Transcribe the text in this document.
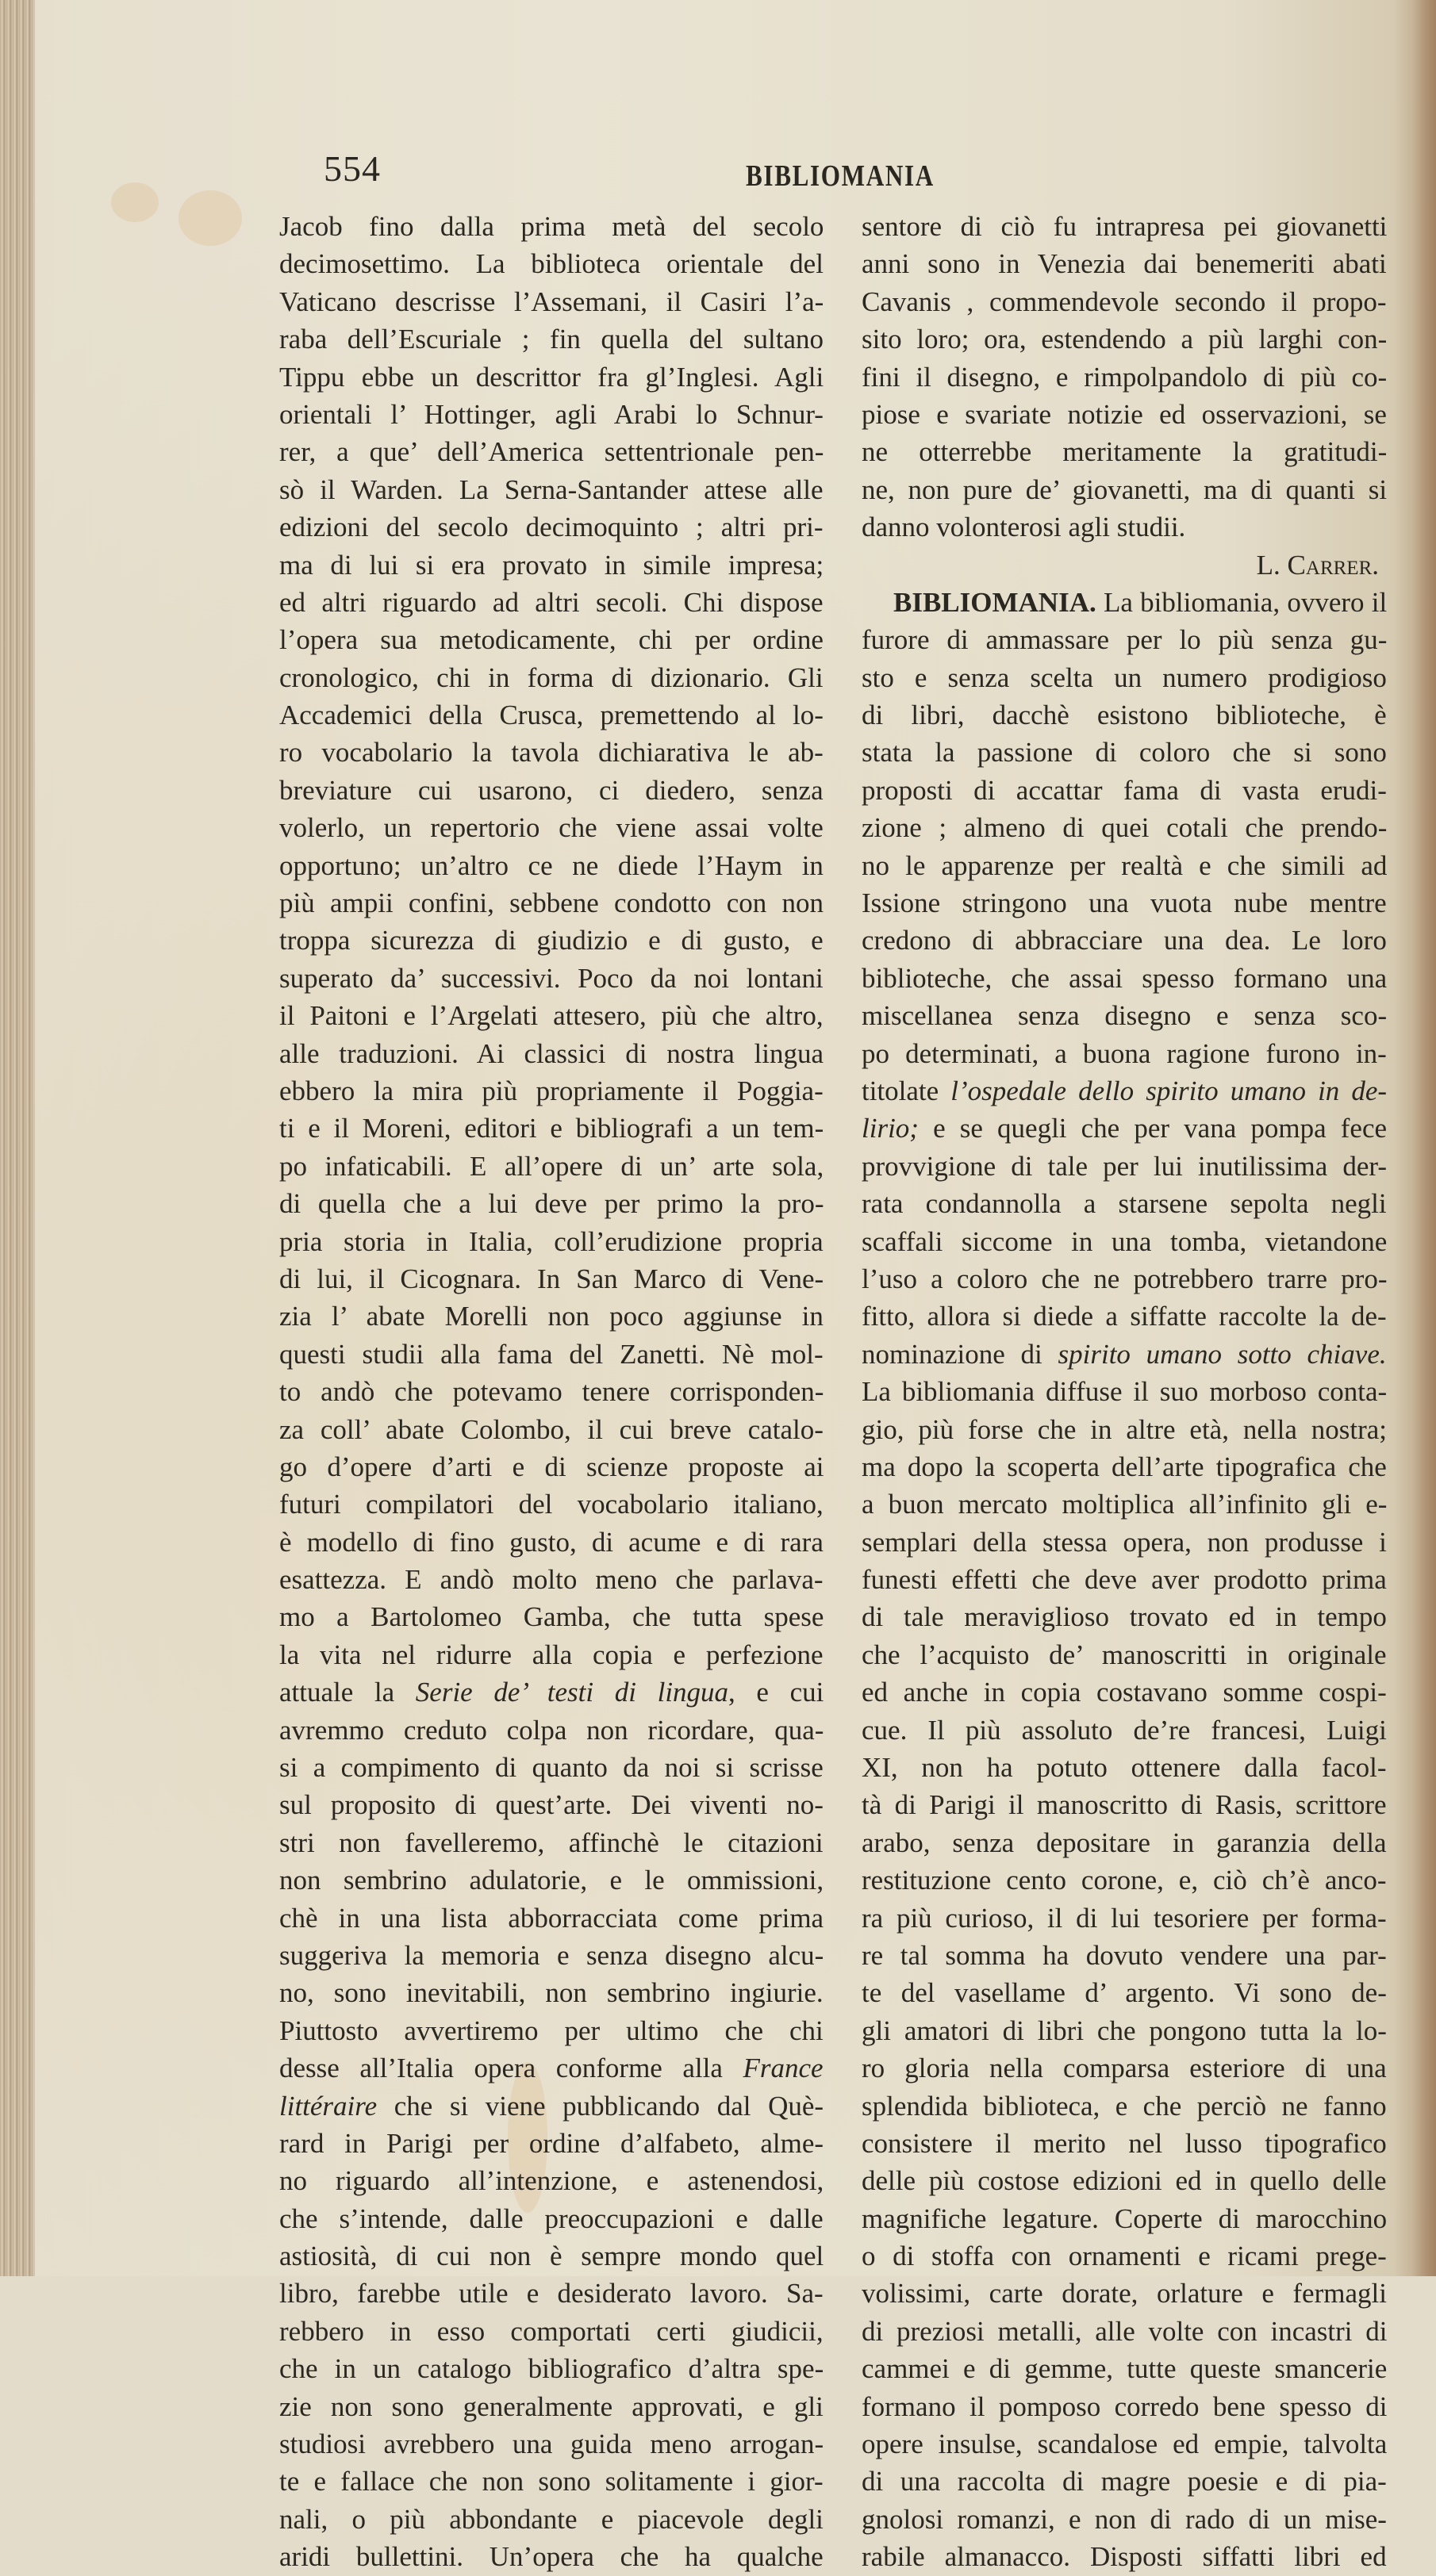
554	BIBLIOMANIA
Jacob fino dalla prima metà del secolo
decimosettimo. La biblioteca orientale del
Vaticano descrisse l’Assemani, il Casiri l’a-
raba dell’Escuriale ; fin quella del sultano
Tippu ebbe un descrittor fra gl’Inglesi. Agli
orientali l’ Hottinger, agli Arabi lo Schnur-
rer, a que’ dell’America settentrionale pen-
sò il Warden. La Serna-Santander attese alle
edizioni del secolo decimoquinto ; altri pri-
ma di lui si era provato in simile impresa;
ed altri riguardo ad altri secoli. Chi dispose
l’opera sua metodicamente, chi per ordine
cronologico, chi in forma di dizionario. Gli
Accademici della Crusca, premettendo al lo-
ro vocabolario la tavola dichiarativa le ab-
breviature cui usarono, ci diedero, senza
volerlo, un repertorio che viene assai volte
opportuno; un’altro ce ne diede l’Haym in
più ampii confini, sebbene condotto con non
troppa sicurezza di giudizio e di gusto, e
superato da’ successivi. Poco da noi lontani
il Paitoni e l’Argelati attesero, più che altro,
alle traduzioni. Ai classici di nostra lingua
ebbero la mira più propriamente il Poggia-
ti e il Moreni, editori e bibliografi a un tem-
po infaticabili. E all’opere di un’ arte sola,
di quella che a lui deve per primo la pro-
pria storia in Italia, coll’erudizione propria
di lui, il Cicognara. In San Marco di Vene-
zia l’ abate Morelli non poco aggiunse in
questi studii alla fama del Zanetti. Nè mol-
to andò che potevamo tenere corrisponden-
za coll’ abate Colombo, il cui breve catalo-
go d’opere d’arti e di scienze proposte ai
futuri compilatori del vocabolario italiano,
è modello di fino gusto, di acume e di rara
esattezza. E andò molto meno che parlava-
mo a Bartolomeo Gamba, che tutta spese
la vita nel ridurre alla copia e perfezione
attuale la Serie de’ testi di lingua, e cui
avremmo creduto colpa non ricordare, qua-
si a compimento di quanto da noi si scrisse
sul proposito di quest’arte. Dei viventi no-
stri non favelleremo, affinchè le citazioni
non sembrino adulatorie, e le ommissioni,
chè in una lista abborracciata come prima
suggeriva la memoria e senza disegno alcu-
no, sono inevitabili, non sembrino ingiurie.
Piuttosto avvertiremo per ultimo che chi
desse all’Italia opera conforme alla France
littéraire che si viene pubblicando dal Què-
rard in Parigi per ordine d’alfabeto, alme-
no riguardo all’intenzione, e astenendosi,
che s’intende, dalle preoccupazioni e dalle
astiosità, di cui non è sempre mondo quel
libro, farebbe utile e desiderato lavoro. Sa-
rebbero in esso comportati certi giudicii,
che in un catalogo bibliografico d’altra spe-
zie non sono generalmente approvati, e gli
studiosi avrebbero una guida meno arrogan-
te e fallace che non sono solitamente i gior-
nali, o più abbondante e piacevole degli
aridi bullettini. Un’opera che ha qualche
sentore di ciò fu intrapresa pei giovanetti
anni sono in Venezia dai benemeriti abati
Cavanis , commendevole secondo il propo-
sito loro; ora, estendendo a più larghi con-
fini il disegno, e rimpolpandolo di più co-
piose e svariate notizie ed osservazioni, se
ne otterrebbe meritamente la gratitudi-
ne, non pure de’ giovanetti, ma di quanti si
danno volonterosi agli studii.
L. Carrer.
BIBLIOMANIA. La bibliomania, ovvero il
furore di ammassare per lo più senza gu-
sto e senza scelta un numero prodigioso
di libri, dacchè esistono biblioteche, è
stata la passione di coloro che si sono
proposti di accattar fama di vasta erudi-
zione ; almeno di quei cotali che prendo-
no le apparenze per realtà e che simili ad
Issione stringono una vuota nube mentre
credono di abbracciare una dea. Le loro
biblioteche, che assai spesso formano una
miscellanea senza disegno e senza sco-
po determinati, a buona ragione furono in-
titolate l’ospedale dello spirito umano in de-
lirio; e se quegli che per vana pompa fece
provvigione di tale per lui inutilissima der-
rata condannolla a starsene sepolta negli
scaffali siccome in una tomba, vietandone
l’uso a coloro che ne potrebbero trarre pro-
fitto, allora si diede a siffatte raccolte la de-
nominazione di spirito umano sotto chiave.
La bibliomania diffuse il suo morboso conta-
gio, più forse che in altre età, nella nostra;
ma dopo la scoperta dell’arte tipografica che
a buon mercato moltiplica all’infinito gli e-
semplari della stessa opera, non produsse i
funesti effetti che deve aver prodotto prima
di tale meraviglioso trovato ed in tempo
che l’acquisto de’ manoscritti in originale
ed anche in copia costavano somme cospi-
cue. Il più assoluto de’re francesi, Luigi
XI, non ha potuto ottenere dalla facol-
tà di Parigi il manoscritto di Rasis, scrittore
arabo, senza depositare in garanzia della
restituzione cento corone, e, ciò ch’è anco-
ra più curioso, il di lui tesoriere per forma-
re tal somma ha dovuto vendere una par-
te del vasellame d’ argento. Vi sono de-
gli amatori di libri che pongono tutta la lo-
ro gloria nella comparsa esteriore di una
splendida biblioteca, e che perciò ne fanno
consistere il merito nel lusso tipografico
delle più costose edizioni ed in quello delle
magnifiche legature. Coperte di marocchino
o di stoffa con ornamenti e ricami prege-
volissimi, carte dorate, orlature e fermagli
di preziosi metalli, alle volte con incastri di
cammei e di gemme, tutte queste smancerie
formano il pomposo corredo bene spesso di
opere insulse, scandalose ed empie, talvolta
di una raccolta di magre poesie e di pia-
gnolosi romanzi, e non di rado di un mise-
rabile almanacco. Disposti siffatti libri ed
